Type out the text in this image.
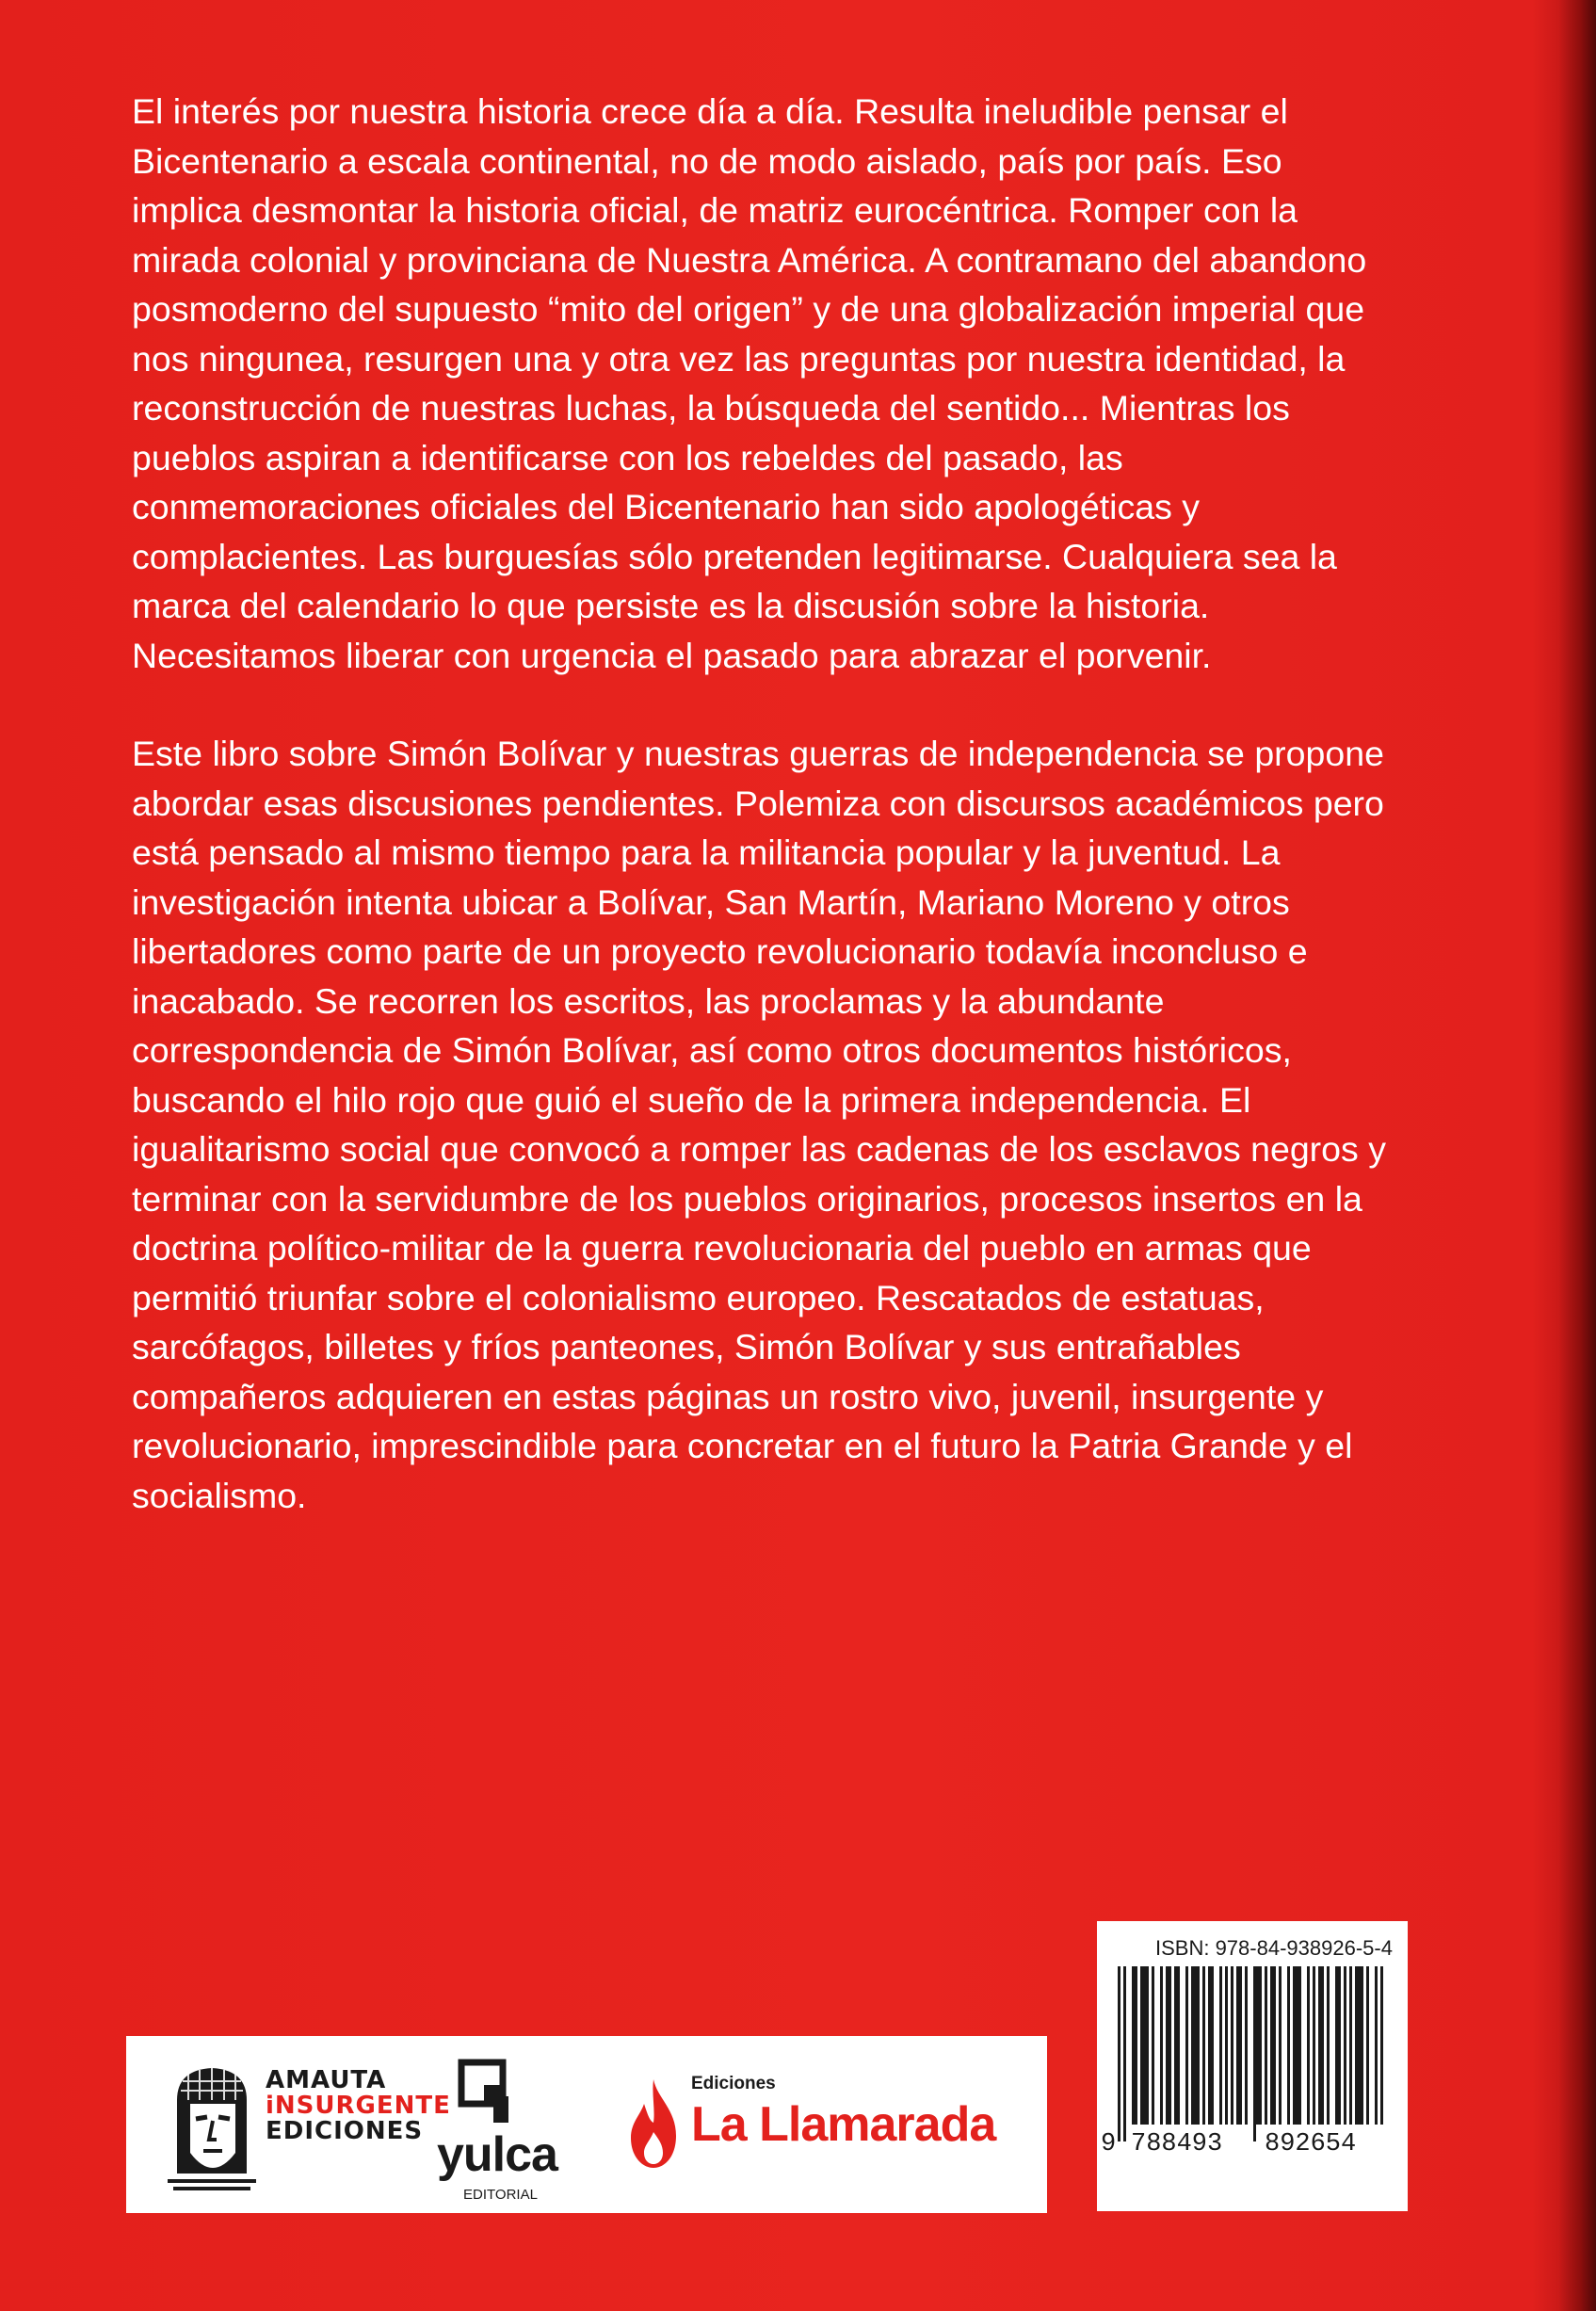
El interés por nuestra historia crece día a día. Resulta ineludible pensar el Bicentenario a escala continental, no de modo aislado, país por país. Eso implica desmontar la historia oficial, de matriz eurocéntrica. Romper con la mirada colonial y provinciana de Nuestra América. A contramano del abandono posmoderno del supuesto “mito del origen” y de una globalización imperial que nos ningunea, resurgen una y otra vez las preguntas por nuestra identidad, la reconstrucción de nuestras luchas, la búsqueda del sentido... Mientras los pueblos aspiran a identificarse con los rebeldes del pasado, las conmemoraciones oficiales del Bicentenario han sido apologéticas y complacientes. Las burguesías sólo pretenden legitimarse. Cualquiera sea la marca del calendario lo que persiste es la discusión sobre la historia. Necesitamos liberar con urgencia el pasado para abrazar el porvenir.

Este libro sobre Simón Bolívar y nuestras guerras de independencia se propone abordar esas discusiones pendientes. Polemiza con discursos académicos pero está pensado al mismo tiempo para la militancia popular y la juventud. La investigación intenta ubicar a Bolívar, San Martín, Mariano Moreno y otros libertadores como parte de un proyecto revolucionario todavía inconcluso e inacabado. Se recorren los escritos, las proclamas y la abundante correspondencia de Simón Bolívar, así como otros documentos históricos, buscando el hilo rojo que guió el sueño de la primera independencia. El igualitarismo social que convocó a romper las cadenas de los esclavos negros y terminar con la servidumbre de los pueblos originarios, procesos insertos en la doctrina político-militar de la guerra revolucionaria del pueblo en armas que permitió triunfar sobre el colonialismo europeo. Rescatados de estatuas, sarcófagos, billetes y fríos panteones, Simón Bolívar y sus entrañables compañeros adquieren en estas páginas un rostro vivo, juvenil, insurgente y revolucionario, imprescindible para concretar en el futuro la Patria Grande y el socialismo.

AMAUTA
iNSURGENTE
EDICIONES yulca
EDITORIAL
Ediciones
La Llamarada
ISBN: 978-84-938926-5-4
9 788493 892654
